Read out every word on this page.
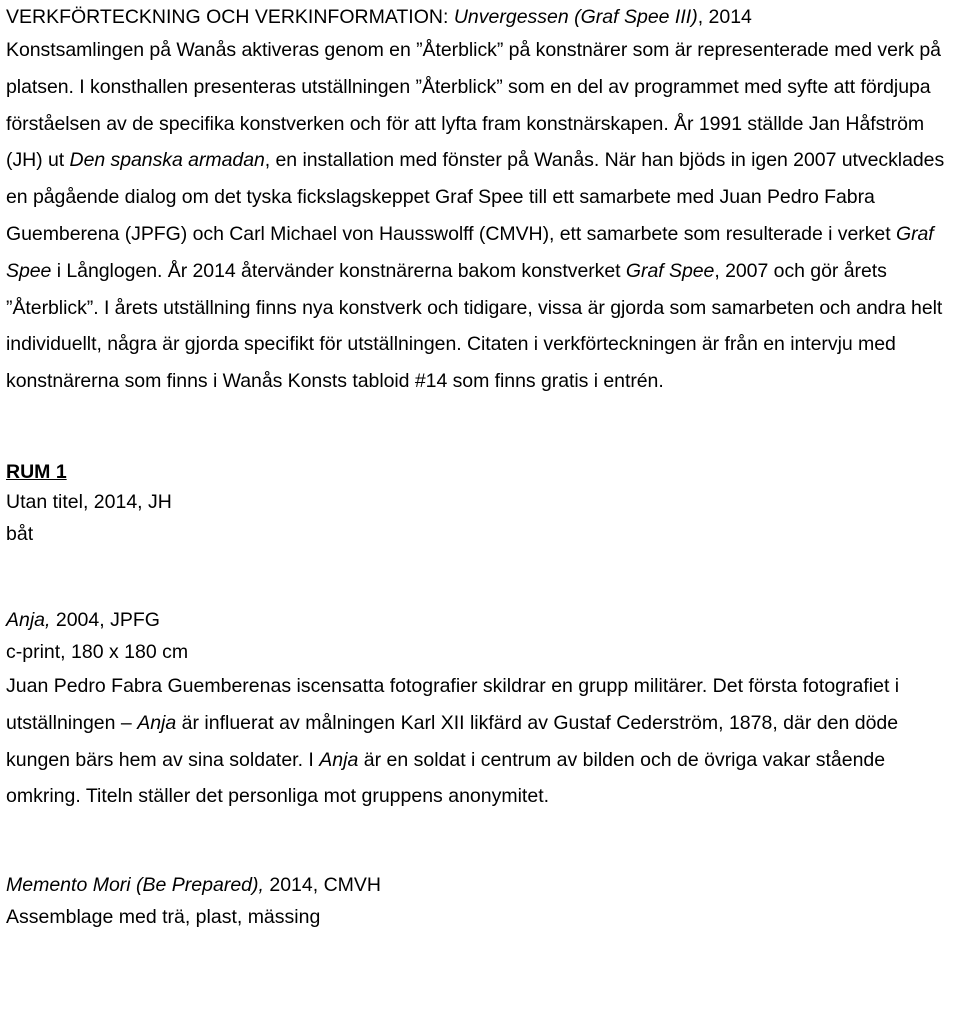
VERKFÖRTECKNING OCH VERKINFORMATION: Unvergessen (Graf Spee III), 2014

Konstsamlingen på Wanås aktiveras genom en ”Återblick” på konstnärer som är representerade med verk på platsen. I konsthallen presenteras utställningen ”Återblick” som en del av programmet med syfte att fördjupa förståelsen av de specifika konstverken och för att lyfta fram konstnärskapen. År 1991 ställde Jan Håfström (JH) ut Den spanska armadan, en installation med fönster på Wanås. När han bjöds in igen 2007 utvecklades en pågående dialog om det tyska fickslagskeppet Graf Spee till ett samarbete med Juan Pedro Fabra Guemberena (JPFG) och Carl Michael von Hausswolff (CMVH), ett samarbete som resulterade i verket Graf Spee i Långlogen. År 2014 återvänder konstnärerna bakom konstverket Graf Spee, 2007 och gör årets ”Återblick”. I årets utställning finns nya konstverk och tidigare, vissa är gjorda som samarbeten och andra helt individuellt, några är gjorda specifikt för utställningen. Citaten i verkförteckningen är från en intervju med konstnärerna som finns i Wanås Konsts tabloid #14 som finns gratis i entrén.

RUM 1

Utan titel, 2014, JH

båt

Anja, 2004, JPFG

c-print, 180 x 180 cm

Juan Pedro Fabra Guemberenas iscensatta fotografier skildrar en grupp militärer. Det första fotografiet i utställningen – Anja är influerat av målningen Karl XII likfärd av Gustaf Cederström, 1878, där den döde kungen bärs hem av sina soldater. I Anja är en soldat i centrum av bilden och de övriga vakar stående omkring. Titeln ställer det personliga mot gruppens anonymitet.

Memento Mori (Be Prepared), 2014, CMVH

Assemblage med trä, plast, mässing
